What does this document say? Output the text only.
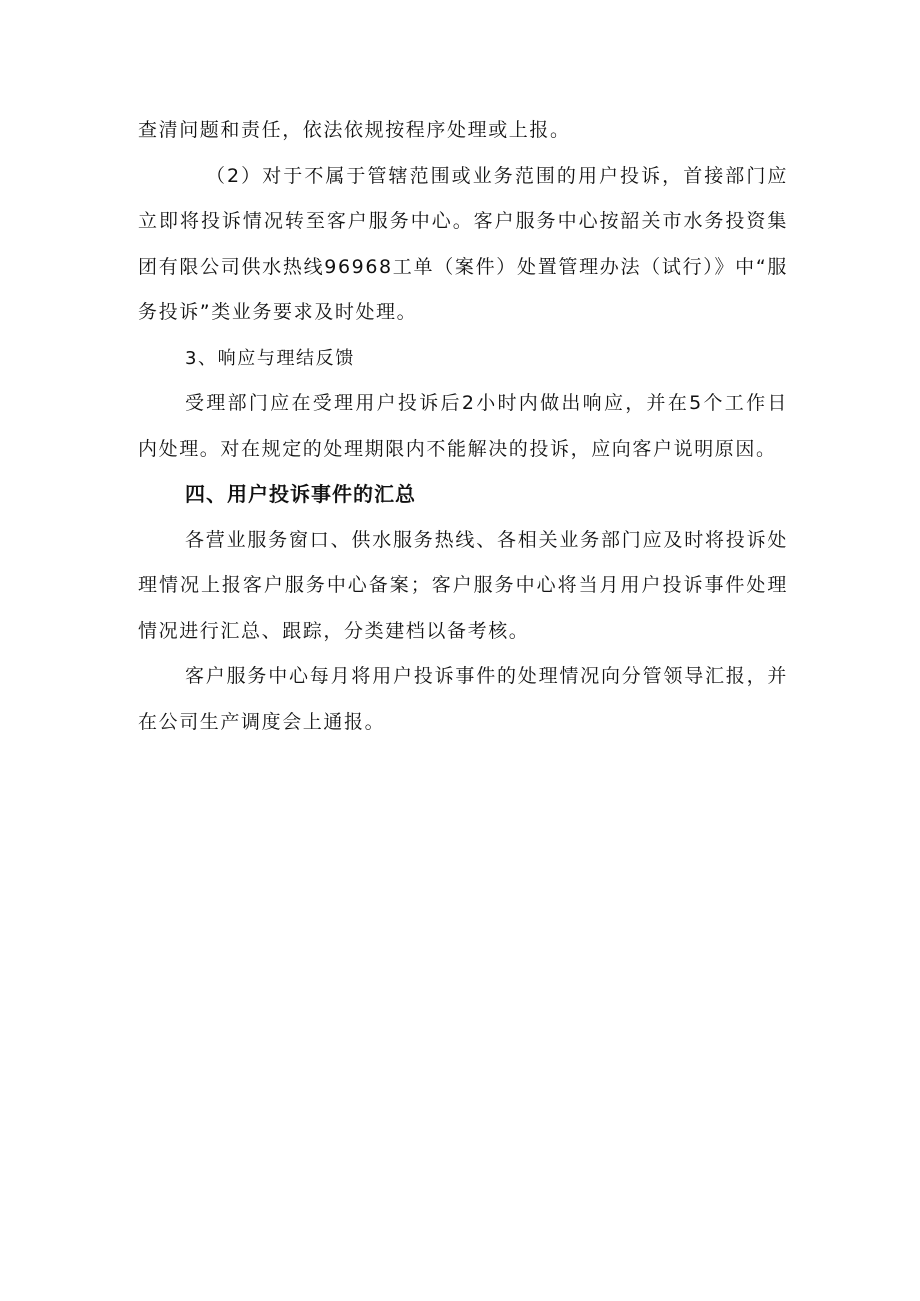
查清问题和责任，依法依规按程序处理或上报。

（2）对于不属于管辖范围或业务范围的用户投诉，首接部门应立即将投诉情况转至客户服务中心。客户服务中心按韶关市水务投资集团有限公司供水热线96968工单（案件）处置管理办法（试行）》中“服务投诉”类业务要求及时处理。

3、响应与理结反馈

受理部门应在受理用户投诉后2小时内做出响应，并在5个工作日内处理。对在规定的处理期限内不能解决的投诉，应向客户说明原因。

四、用户投诉事件的汇总

各营业服务窗口、供水服务热线、各相关业务部门应及时将投诉处理情况上报客户服务中心备案；客户服务中心将当月用户投诉事件处理情况进行汇总、跟踪，分类建档以备考核。

客户服务中心每月将用户投诉事件的处理情况向分管领导汇报，并在公司生产调度会上通报。
